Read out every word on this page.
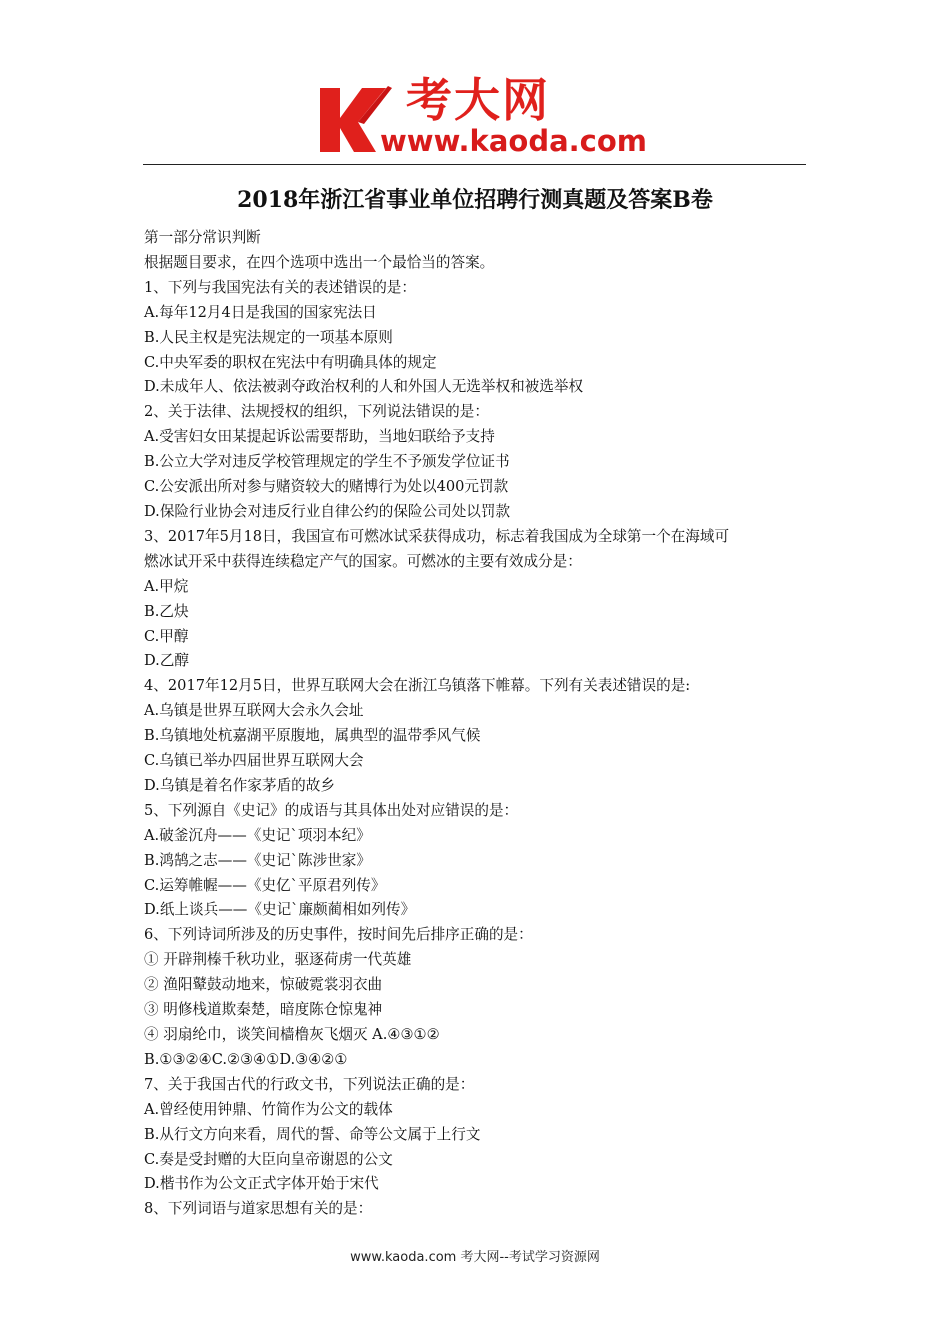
考大网
www.kaoda.com
2018年浙江省事业单位招聘行测真题及答案B卷
第一部分常识判断
根据题目要求，在四个选项中选出一个最恰当的答案。
1、下列与我国宪法有关的表述错误的是：
A.每年12月4日是我国的国家宪法日
B.人民主权是宪法规定的一项基本原则
C.中央军委的职权在宪法中有明确具体的规定
D.未成年人、依法被剥夺政治权利的人和外国人无选举权和被选举权
2、关于法律、法规授权的组织，下列说法错误的是：
A.受害妇女田某提起诉讼需要帮助，当地妇联给予支持
B.公立大学对违反学校管理规定的学生不予颁发学位证书
C.公安派出所对参与赌资较大的赌博行为处以400元罚款
D.保险行业协会对违反行业自律公约的保险公司处以罚款
3、2017年5月18日，我国宣布可燃冰试采获得成功，标志着我国成为全球第一个在海域可
燃冰试开采中获得连续稳定产气的国家。可燃冰的主要有效成分是：
A.甲烷
B.乙炔
C.甲醇
D.乙醇
4、2017年12月5日，世界互联网大会在浙江乌镇落下帷幕。下列有关表述错误的是:
A.乌镇是世界互联网大会永久会址
B.乌镇地处杭嘉湖平原腹地，属典型的温带季风气候
C.乌镇已举办四届世界互联网大会
D.乌镇是着名作家茅盾的故乡
5、下列源自《史记》的成语与其具体出处对应错误的是：
A.破釜沉舟——《史记`项羽本纪》
B.鸿鹄之志——《史记`陈涉世家》
C.运筹帷幄——《史亿`平原君列传》
D.纸上谈兵——《史记`廉颇蔺相如列传》
6、下列诗词所涉及的历史事件，按时间先后排序正确的是：
① 开辟荆榛千秋功业，驱逐荷虏一代英雄
② 渔阳鼙鼓动地来，惊破霓裳羽衣曲
③ 明修栈道欺秦楚，暗度陈仓惊鬼神
④ 羽扇纶巾，谈笑间樯橹灰飞烟灭 A.④③①②
B.①③②④C.②③④①D.③④②①
7、关于我国古代的行政文书，下列说法正确的是：
A.曾经使用钟鼎、竹简作为公文的载体
B.从行文方向来看，周代的誓、命等公文属于上行文
C.奏是受封赠的大臣向皇帝谢恩的公文
D.楷书作为公文正式字体开始于宋代
8、下列词语与道家思想有关的是：
www.kaoda.com 考大网--考试学习资源网
